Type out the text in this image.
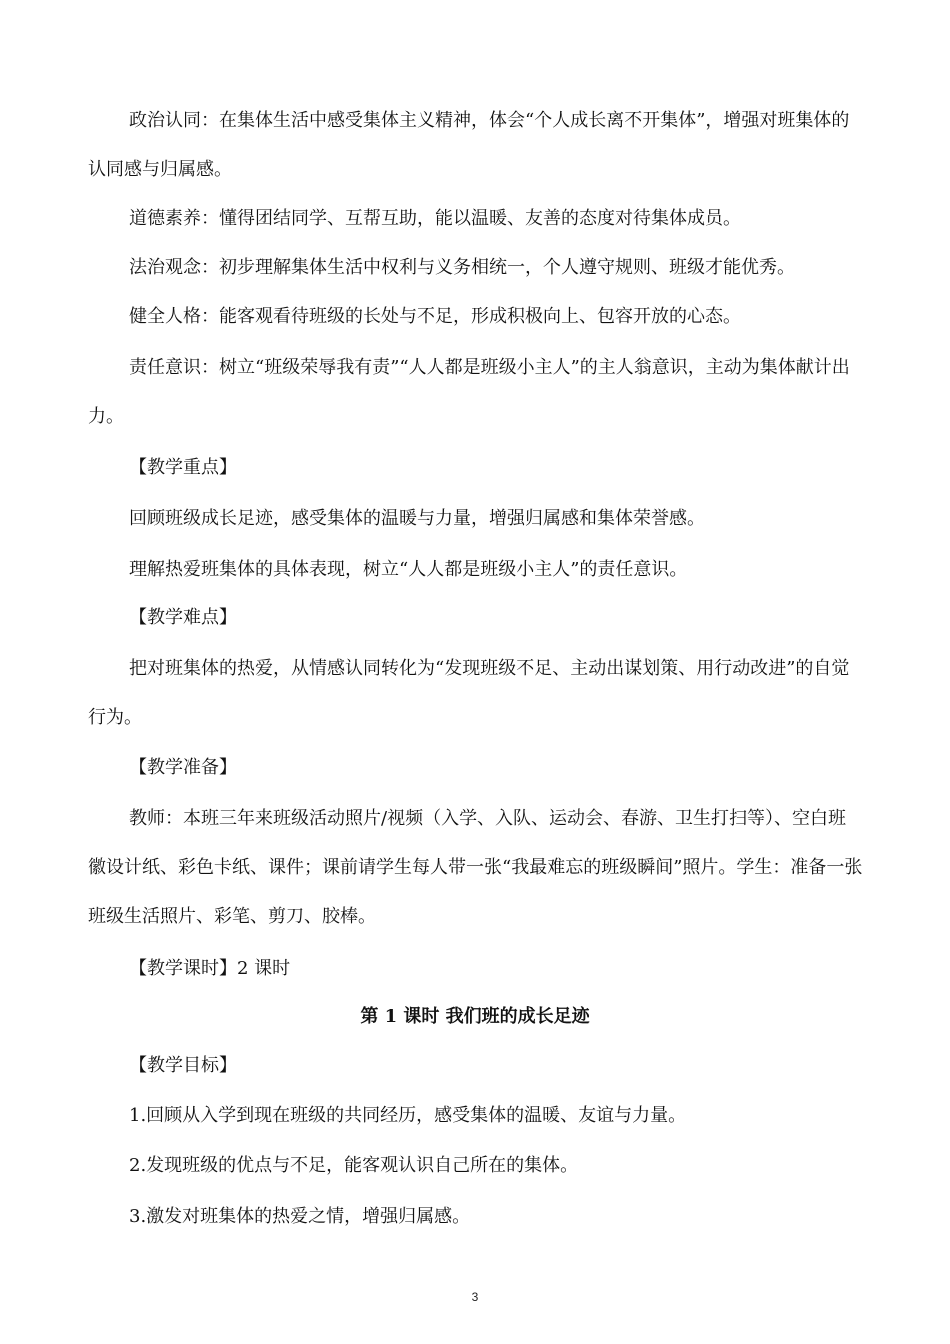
政治认同：在集体生活中感受集体主义精神，体会“个人成长离不开集体”，增强对班集体的认同感与归属感。

道德素养：懂得团结同学、互帮互助，能以温暖、友善的态度对待集体成员。

法治观念：初步理解集体生活中权利与义务相统一，个人遵守规则、班级才能优秀。

健全人格：能客观看待班级的长处与不足，形成积极向上、包容开放的心态。

责任意识：树立“班级荣辱我有责”“人人都是班级小主人”的主人翁意识，主动为集体献计出力。

【教学重点】

回顾班级成长足迹，感受集体的温暖与力量，增强归属感和集体荣誉感。

理解热爱班集体的具体表现，树立“人人都是班级小主人”的责任意识。

【教学难点】

把对班集体的热爱，从情感认同转化为“发现班级不足、主动出谋划策、用行动改进”的自觉行为。

【教学准备】

教师：本班三年来班级活动照片/视频（入学、入队、运动会、春游、卫生打扫等）、空白班徽设计纸、彩色卡纸、课件；课前请学生每人带一张“我最难忘的班级瞬间”照片。学生：准备一张班级生活照片、彩笔、剪刀、胶棒。

【教学课时】2 课时

第 1 课时 我们班的成长足迹

【教学目标】

1.回顾从入学到现在班级的共同经历，感受集体的温暖、友谊与力量。

2.发现班级的优点与不足，能客观认识自己所在的集体。

3.激发对班集体的热爱之情，增强归属感。

3
